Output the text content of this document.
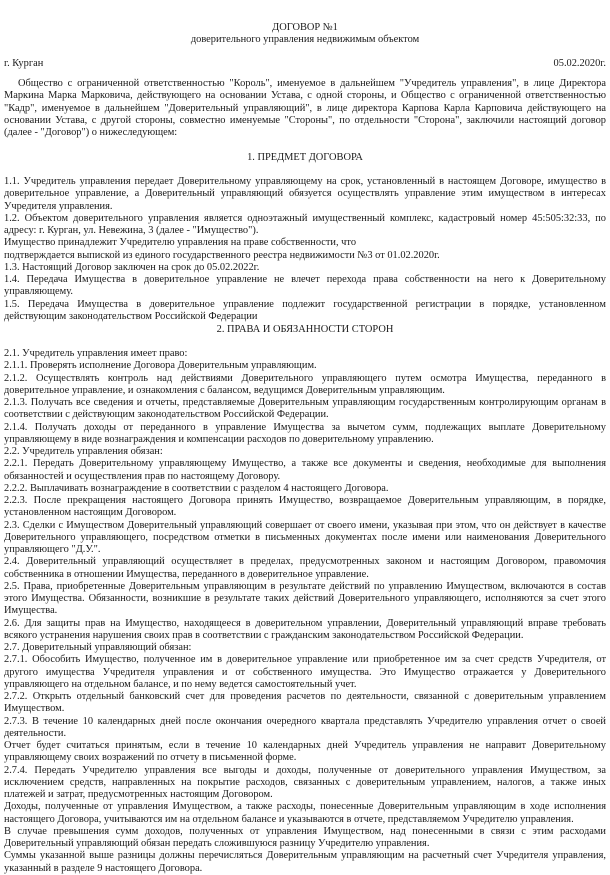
ДОГОВОР №1
доверительного управления недвижимым объектом
г. Курган	05.02.2020г.

Общество с ограниченной ответственностью "Король", именуемое в дальнейшем "Учредитель управления", в лице Директора Маркина Марка Марковича, действующего на основании Устава, с одной стороны, и Общество с ограниченной ответственностью "Кадр", именуемое в дальнейшем "Доверительный управляющий", в лице директора Карпова Карла Карповича действующего на основании Устава, с другой стороны, совместно именуемые "Стороны", по отдельности "Сторона", заключили настоящий договор (далее - "Договор") о нижеследующем:

1. ПРЕДМЕТ ДОГОВОРА

1.1. Учредитель управления передает Доверительному управляющему на срок, установленный в настоящем Договоре, имущество в доверительное управление, а Доверительный управляющий обязуется осуществлять управление этим имуществом в интересах Учредителя управления.

1.2. Объектом доверительного управления является одноэтажный имущественный комплекс, кадастровый номер 45:505:32:33, по адресу: г. Курган, ул. Невежина, 3 (далее - "Имущество").

Имущество принадлежит Учредителю управления на праве собственности, что

подтверждается выпиской из единого государственного реестра недвижимости №3 от 01.02.2020г.

1.3. Настоящий Договор заключен на срок до 05.02.2022г.

1.4. Передача Имущества в доверительное управление не влечет перехода права собственности на него к Доверительному управляющему.

1.5. Передача Имущества в доверительное управление подлежит государственной регистрации в порядке, установленном действующим законодательством Российской Федерации

2. ПРАВА И ОБЯЗАННОСТИ СТОРОН

2.1. Учредитель управления имеет право:

2.1.1. Проверять исполнение Договора Доверительным управляющим.

2.1.2. Осуществлять контроль над действиями Доверительного управляющего путем осмотра Имущества, переданного в доверительное управление, и ознакомления с балансом, ведущимся Доверительным управляющим.

2.1.3. Получать все сведения и отчеты, представляемые Доверительным управляющим государственным контролирующим органам в соответствии с действующим законодательством Российской Федерации.

2.1.4. Получать доходы от переданного в управление Имущества за вычетом сумм, подлежащих выплате Доверительному управляющему в виде вознаграждения и компенсации расходов по доверительному управлению.

2.2. Учредитель управления обязан:

2.2.1. Передать Доверительному управляющему Имущество, а также все документы и сведения, необходимые для выполнения обязанностей и осуществления прав по настоящему Договору.

2.2.2. Выплачивать вознаграждение в соответствии с разделом 4 настоящего Договора.

2.2.3. После прекращения настоящего Договора принять Имущество, возвращаемое Доверительным управляющим, в порядке, установленном настоящим Договором.

2.3. Сделки с Имуществом Доверительный управляющий совершает от своего имени, указывая при этом, что он действует в качестве Доверительного управляющего, посредством отметки в письменных документах после имени или наименования Доверительного управляющего "Д.У.".

2.4. Доверительный управляющий осуществляет в пределах, предусмотренных законом и настоящим Договором, правомочия собственника в отношении Имущества, переданного в доверительное управление.

2.5. Права, приобретенные Доверительным управляющим в результате действий по управлению Имуществом, включаются в состав этого Имущества. Обязанности, возникшие в результате таких действий Доверительного управляющего, исполняются за счет этого Имущества.

2.6. Для защиты прав на Имущество, находящееся в доверительном управлении, Доверительный управляющий вправе требовать всякого устранения нарушения своих прав в соответствии с гражданским законодательством Российской Федерации.

2.7. Доверительный управляющий обязан:

2.7.1. Обособить Имущество, полученное им в доверительное управление или приобретенное им за счет средств Учредителя, от другого имущества Учредителя управления и от собственного имущества. Это Имущество отражается у Доверительного управляющего на отдельном балансе, и по нему ведется самостоятельный учет.

2.7.2. Открыть отдельный банковский счет для проведения расчетов по деятельности, связанной с доверительным управлением Имуществом.

2.7.3. В течение 10 календарных дней после окончания очередного квартала представлять Учредителю управления отчет о своей деятельности.

Отчет будет считаться принятым, если в течение 10 календарных дней Учредитель управления не направит Доверительному управляющему своих возражений по отчету в письменной форме.

2.7.4. Передать Учредителю управления все выгоды и доходы, полученные от доверительного управления Имуществом, за исключением средств, направленных на покрытие расходов, связанных с доверительным управлением, налогов, а также иных платежей и затрат, предусмотренных настоящим Договором.

Доходы, полученные от управления Имуществом, а также расходы, понесенные Доверительным управляющим в ходе исполнения настоящего Договора, учитываются им на отдельном балансе и указываются в отчете, представляемом Учредителю управления.

В случае превышения сумм доходов, полученных от управления Имуществом, над понесенными в связи с этим расходами Доверительный управляющий обязан передать сложившуюся разницу Учредителю управления.

Суммы указанной выше разницы должны перечисляться Доверительным управляющим на расчетный счет Учредителя управления, указанный в разделе 9 настоящего Договора.
